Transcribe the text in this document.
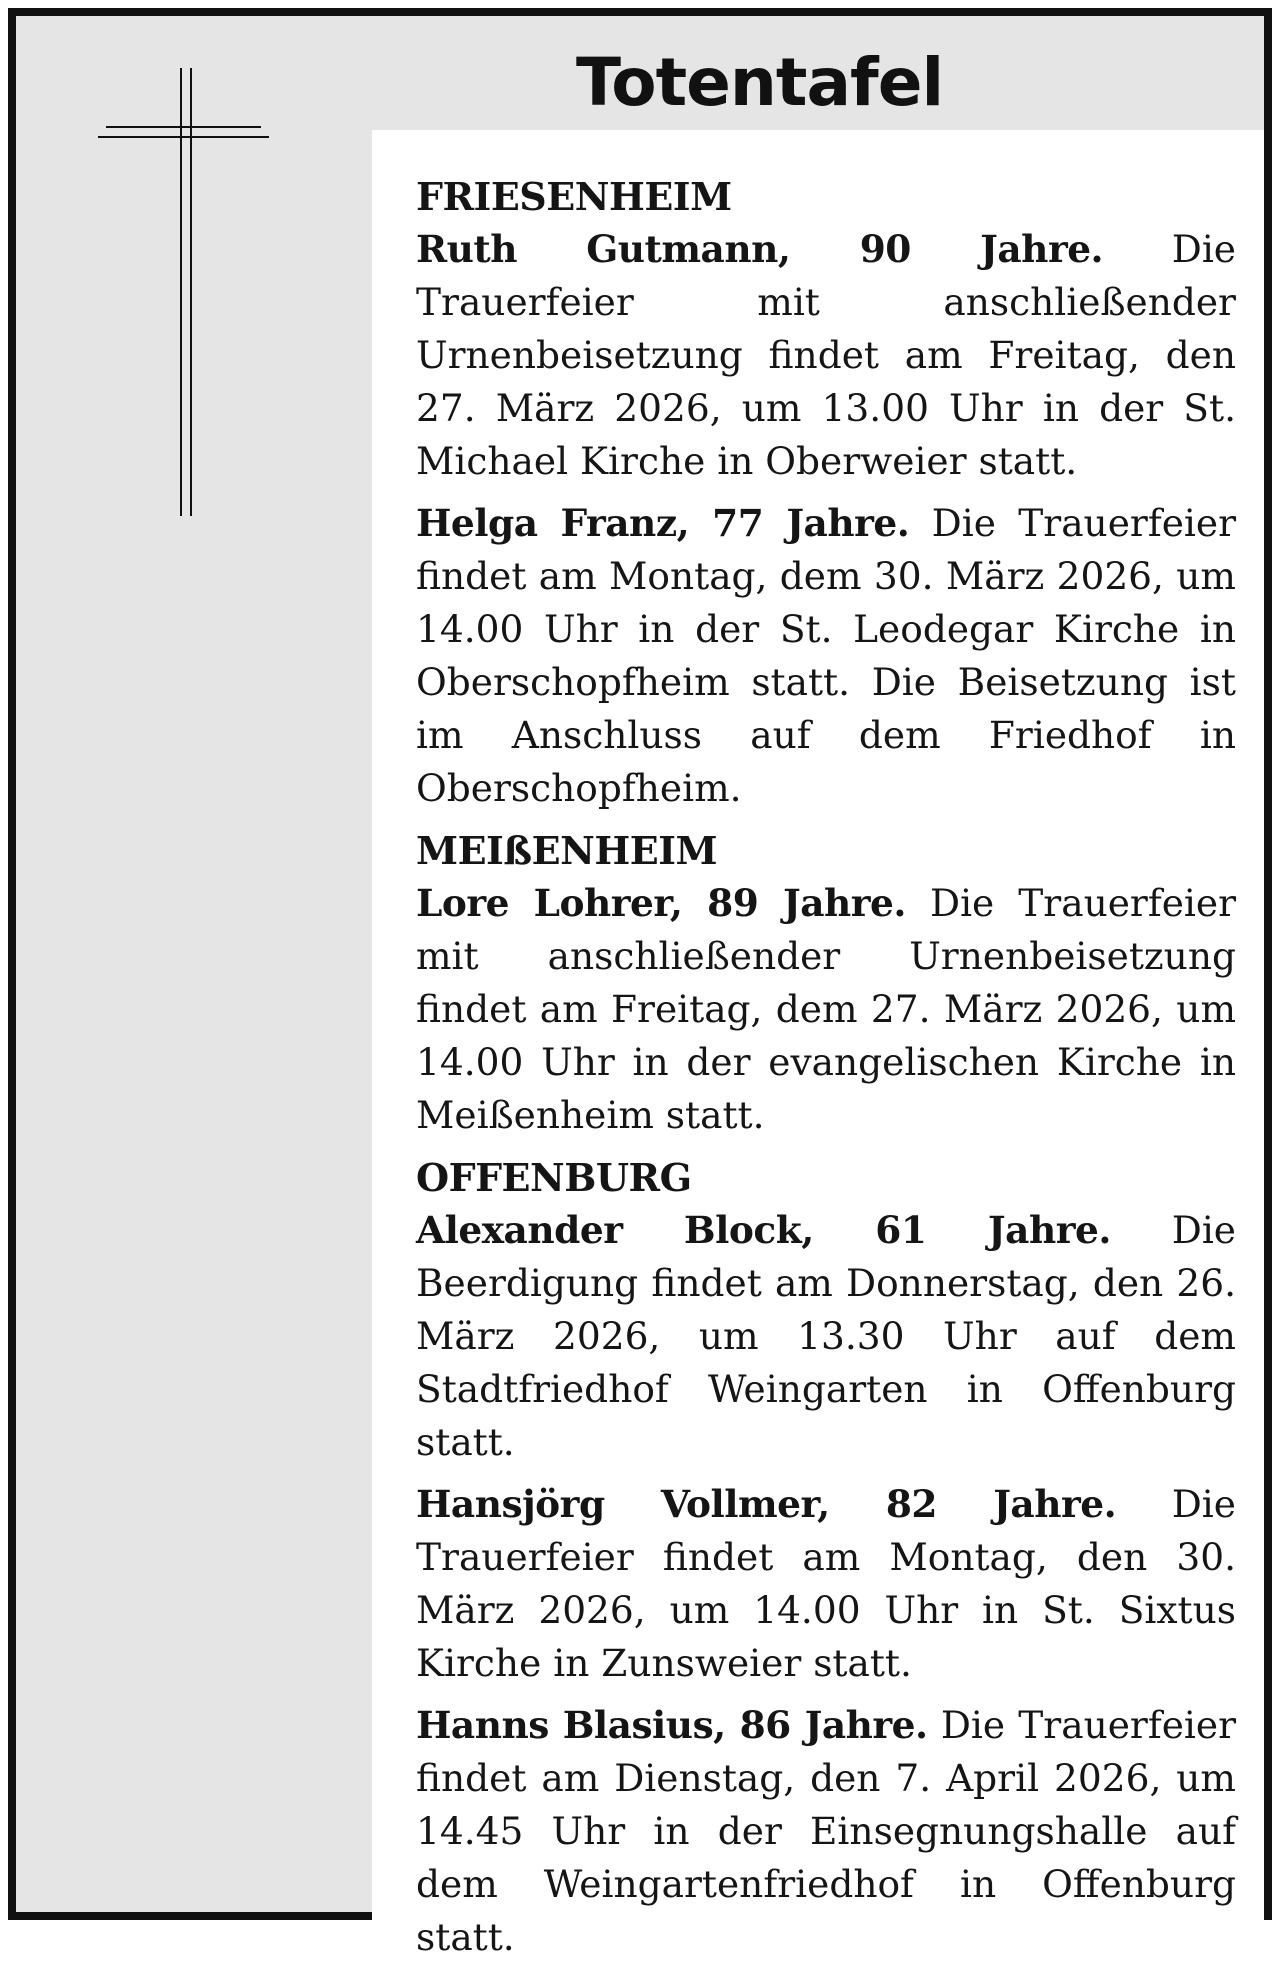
Totentafel
FRIESENHEIM
Ruth Gutmann, 90 Jahre. Die Trauerfeier mit anschließender Urnenbeisetzung findet am Freitag, den 27. März 2026, um 13.00 Uhr in der St. Michael Kirche in Oberweier statt.
Helga Franz, 77 Jahre. Die Trauerfeier findet am Montag, dem 30. März 2026, um 14.00 Uhr in der St. Leodegar Kirche in Oberschopfheim statt. Die Beisetzung ist im Anschluss auf dem Friedhof in Oberschopfheim.
MEIßENHEIM
Lore Lohrer, 89 Jahre. Die Trauerfeier mit anschließender Urnenbeisetzung findet am Freitag, dem 27. März 2026, um 14.00 Uhr in der evangelischen Kirche in Meißenheim statt.
OFFENBURG
Alexander Block, 61 Jahre. Die Beerdigung findet am Donnerstag, den 26. März 2026, um 13.30 Uhr auf dem Stadtfriedhof Weingarten in Offenburg statt.
Hansjörg Vollmer, 82 Jahre. Die Trauerfeier findet am Montag, den 30. März 2026, um 14.00 Uhr in St. Sixtus Kirche in Zunsweier statt.
Hanns Blasius, 86 Jahre. Die Trauerfeier findet am Dienstag, den 7. April 2026, um 14.45 Uhr in der Einsegnungshalle auf dem Weingartenfriedhof in Offenburg statt.
